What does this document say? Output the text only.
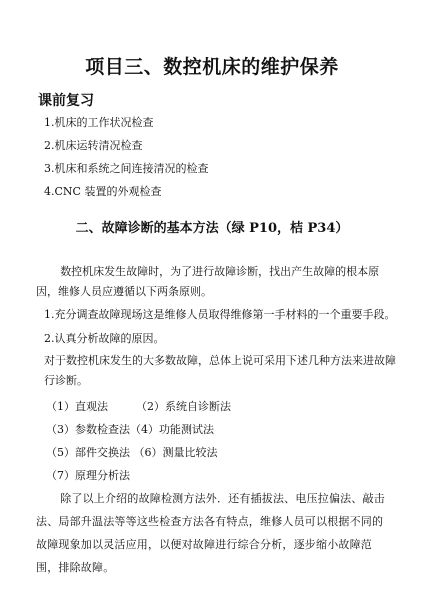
项目三、数控机床的维护保养
课前复习
1.机床的工作状况检查
2.机床运转清况检查
3.机床和系统之间连接清况的检查
4.CNC 装置的外观检查
二、故障诊断的基本方法（绿 P10，桔 P34）

数控机床发生故障时，为了进行故障诊断，找出产生故障的根本原因，维修人员应遵循以下两条原则。

1.充分调查故障现场这是维修人员取得维修第一手材料的一个重要手段。

2.认真分析故障的原因。

对于数控机床发生的大多数故障，总体上说可采用下述几种方法来进故障行诊断。

（1）直观法        （2）系统自诊断法
（3）参数检查法（4）功能测试法
（5）部件交换法 （6）测量比较法
（7）原理分析法

除了以上介绍的故障检测方法外．还有插拔法、电压拉偏法、敲击法、局部升温法等等这些检查方法各有特点，维修人员可以根据不同的故障现象加以灵活应用，以便对故障进行综合分析，逐步缩小故障范围，排除故障。
